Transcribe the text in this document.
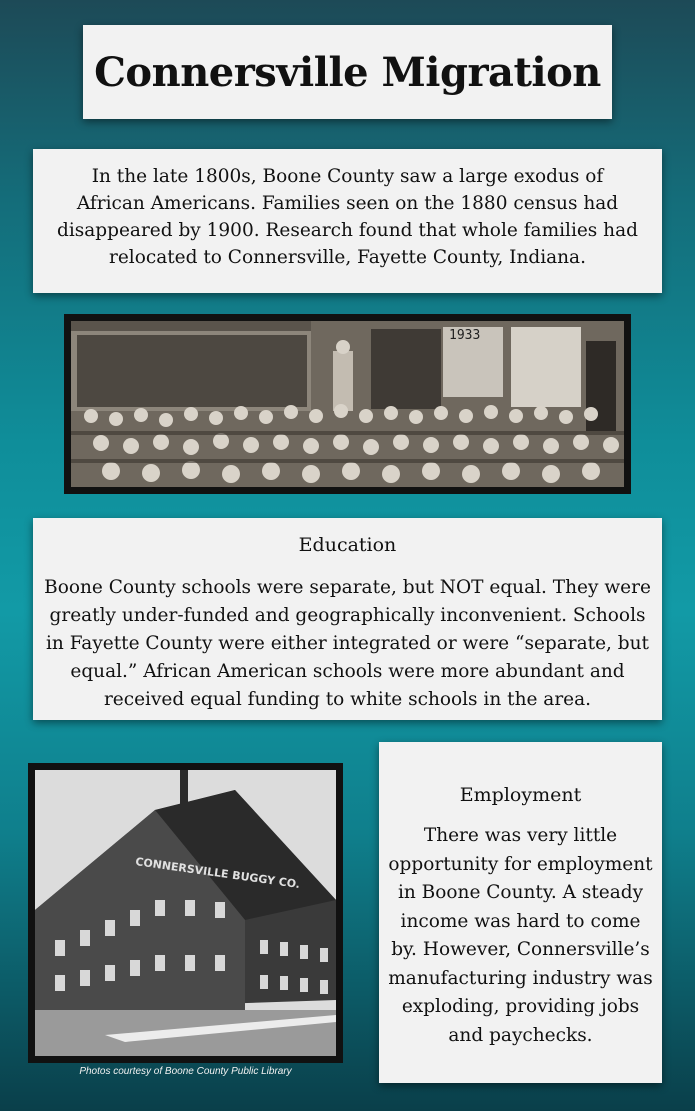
Connersville Migration

In the late 1800s, Boone County saw a large exodus of African Americans. Families seen on the 1880 census had disappeared by 1900. Research found that whole families had relocated to Connersville, Fayette County, Indiana.

1933
Education

Boone County schools were separate, but NOT equal. They were greatly under-funded and geographically inconvenient. Schools in Fayette County were either integrated or were “separate, but equal.” African American schools were more abundant and received equal funding to white schools in the area.

CONNERSVILLE BUGGY CO.
Photos courtesy of Boone County Public Library
Employment

There was very little opportunity for employment in Boone County. A steady income was hard to come by. However, Connersville’s manufacturing industry was exploding, providing jobs and paychecks.
